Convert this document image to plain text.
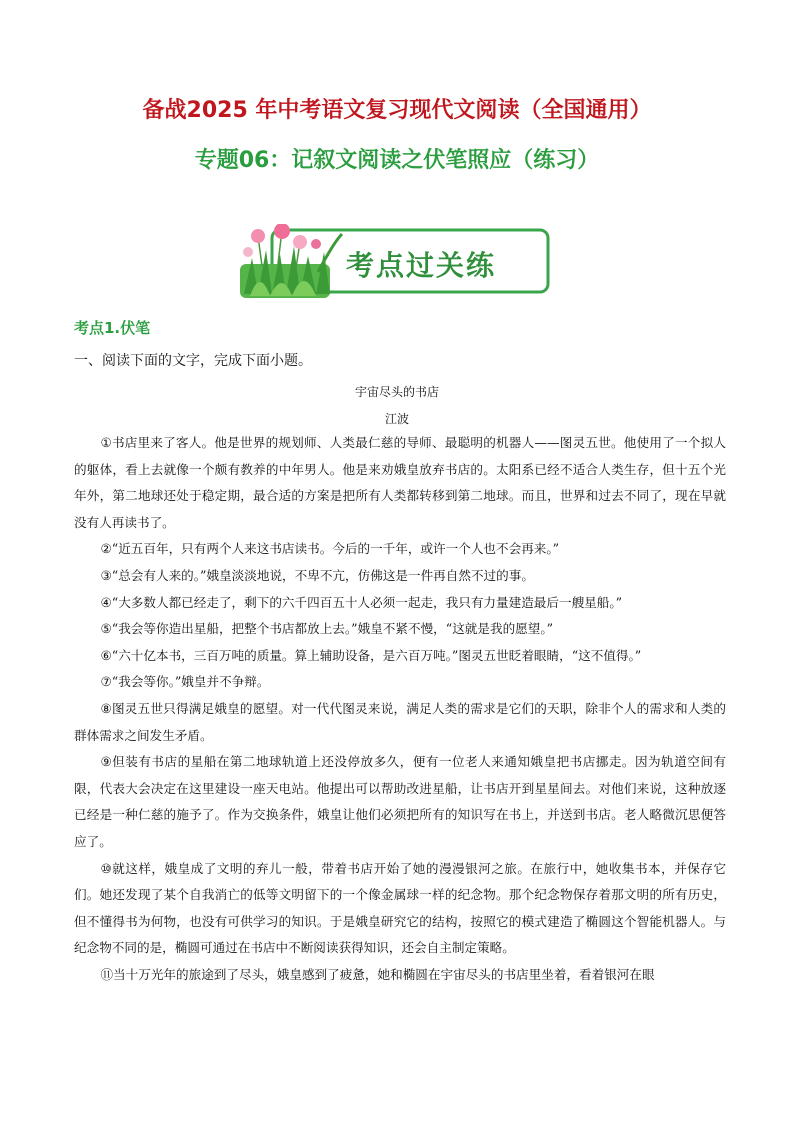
备战2025 年中考语文复习现代文阅读（全国通用）
专题06：记叙文阅读之伏笔照应（练习）
考点过关练
考点1.伏笔
一、阅读下面的文字，完成下面小题。
宇宙尽头的书店
江波

①书店里来了客人。他是世界的规划师、人类最仁慈的导师、最聪明的机器人——图灵五世。他使用了一个拟人的躯体，看上去就像一个颇有教养的中年男人。他是来劝娥皇放弃书店的。太阳系已经不适合人类生存，但十五个光年外，第二地球还处于稳定期，最合适的方案是把所有人类都转移到第二地球。而且，世界和过去不同了，现在早就没有人再读书了。

②“近五百年，只有两个人来这书店读书。今后的一千年，或许一个人也不会再来。”

③“总会有人来的。”娥皇淡淡地说，不卑不亢，仿佛这是一件再自然不过的事。

④“大多数人都已经走了，剩下的六千四百五十人必须一起走，我只有力量建造最后一艘星船。”

⑤“我会等你造出星船，把整个书店都放上去。”娥皇不紧不慢，“这就是我的愿望。”

⑥“六十亿本书，三百万吨的质量。算上辅助设备，是六百万吨。”图灵五世眨着眼睛，“这不值得。”

⑦“我会等你。”娥皇并不争辩。

⑧图灵五世只得满足娥皇的愿望。对一代代图灵来说，满足人类的需求是它们的天职，除非个人的需求和人类的群体需求之间发生矛盾。

⑨但装有书店的星船在第二地球轨道上还没停放多久，便有一位老人来通知娥皇把书店挪走。因为轨道空间有限，代表大会决定在这里建设一座天电站。他提出可以帮助改进星船，让书店开到星星间去。对他们来说，这种放逐已经是一种仁慈的施予了。作为交换条件，娥皇让他们必须把所有的知识写在书上，并送到书店。老人略微沉思便答应了。

⑩就这样，娥皇成了文明的弃儿一般，带着书店开始了她的漫漫银河之旅。在旅行中，她收集书本，并保存它们。她还发现了某个自我消亡的低等文明留下的一个像金属球一样的纪念物。那个纪念物保存着那文明的所有历史，但不懂得书为何物，也没有可供学习的知识。于是娥皇研究它的结构，按照它的模式建造了椭圆这个智能机器人。与纪念物不同的是，椭圆可通过在书店中不断阅读获得知识，还会自主制定策略。

⑪当十万光年的旅途到了尽头，娥皇感到了疲惫，她和椭圆在宇宙尽头的书店里坐着，看着银河在眼
